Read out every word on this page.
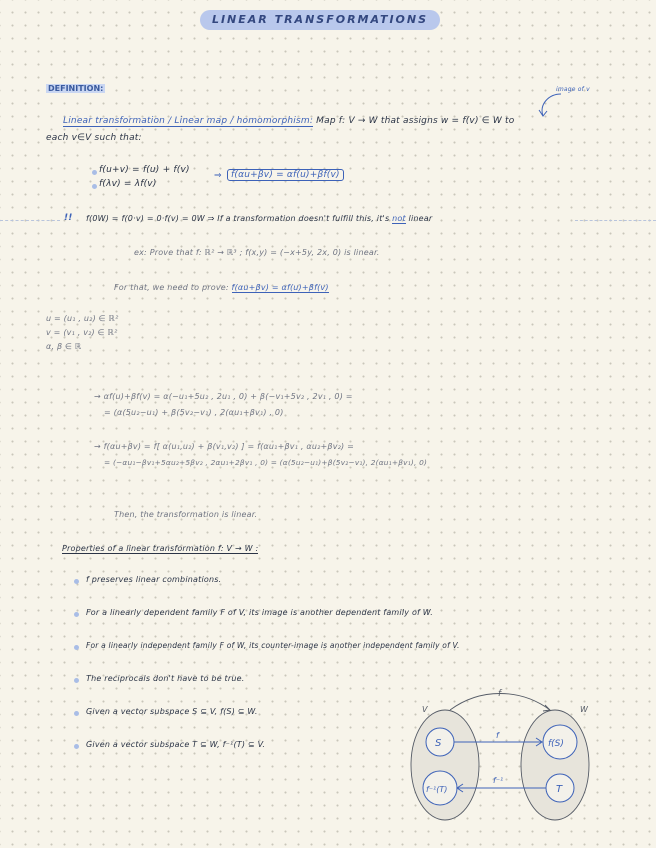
LINEAR TRANSFORMATIONS
DEFINITION:	image of v
Linear transformation / Linear map / homomorphism: Map f: V → W that assigns w = f(v) ∈ W to
each v∈V such that:
f(u+v) = f(u) + f(v)
f(λv) = λf(v)
⇒	f(αu+βv) = αf(u)+βf(v)
!! f(0W) = f(0·v) = 0·f(v) = 0W ⇒ If a transformation doesn't fulfill this, it's not linear
ex: Prove that f: ℝ² → ℝ³ ; f(x,y) = (−x+5y, 2x, 0) is linear.
For that, we need to prove: f(αu+βv) = αf(u)+βf(v)
u = (u₁ , u₂) ∈ ℝ²
v = (v₁ , v₂) ∈ ℝ²
α, β ∈ ℝ
→ αf(u)+βf(v) = α(−u₁+5u₂ , 2u₁ , 0) + β(−v₁+5v₂ , 2v₁ , 0) =
= (α(5u₂−u₁) + β(5v₂−v₁) , 2(αu₁+βv₁) , 0)
→ f(αu+βv) = f[ α(u₁,u₂) + β(v₁,v₂) ] = f(αu₁+βv₁ , αu₂+βv₂) =
= (−αu₁−βv₁+5αu₂+5βv₂ , 2αu₁+2βv₁ , 0) = (α(5u₂−u₁)+β(5v₂−v₁), 2(αu₁+βv₁), 0)
Then, the transformation is linear.
Properties of a linear transformation f: V → W :
f preserves linear combinations.
For a linearly dependent family F of V, its image is another dependent family of W.
For a linearly independent family F of W, its counter-image is another independent family of V.
The reciprocals don't have to be true.
Given a vector subspace S ⊆ V, f(S) ⊆ W.
Given a vector subspace T ⊆ W, f⁻¹(T) ⊆ V.
f
V	W
S	f(S)
f⁻¹(T)	T
f
f⁻¹
